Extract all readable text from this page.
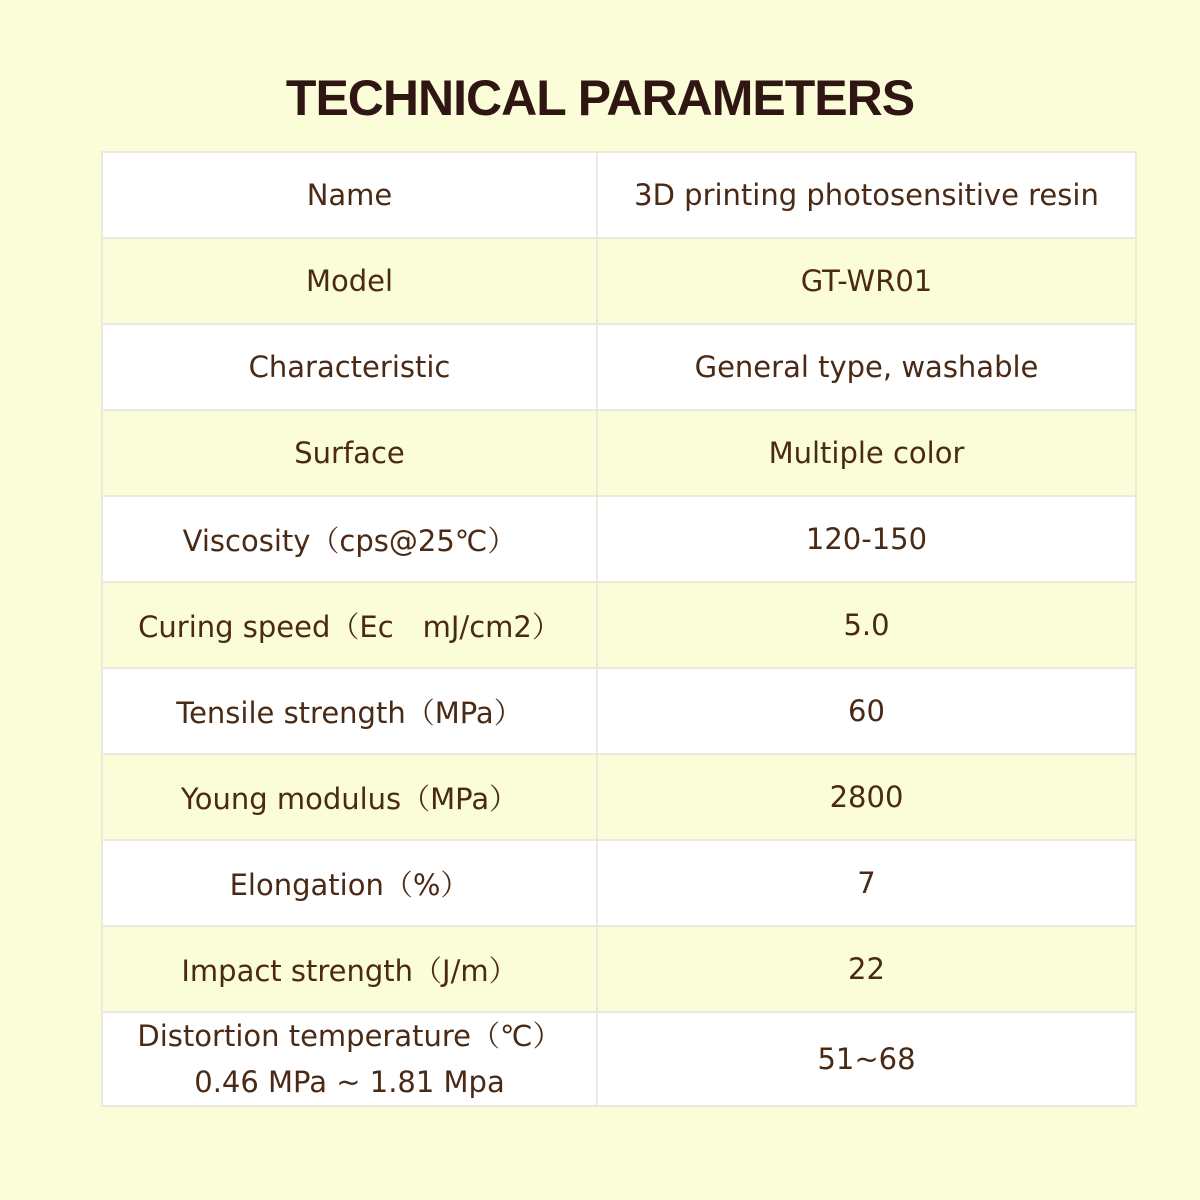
TECHNICAL PARAMETERS
Name	3D printing photosensitive resin
Model	GT-WR01
Characteristic	General type, washable
Surface	Multiple color
Viscosity（cps@25℃）	120-150
Curing speed（Ec　mJ/cm2）	5.0
Tensile strength（MPa）	60
Young modulus（MPa）	2800
Elongation（%）	7
Impact strength（J/m）	22

Distortion temperature（℃）
0.46 MPa ~ 1.81 Mpa	51~68
